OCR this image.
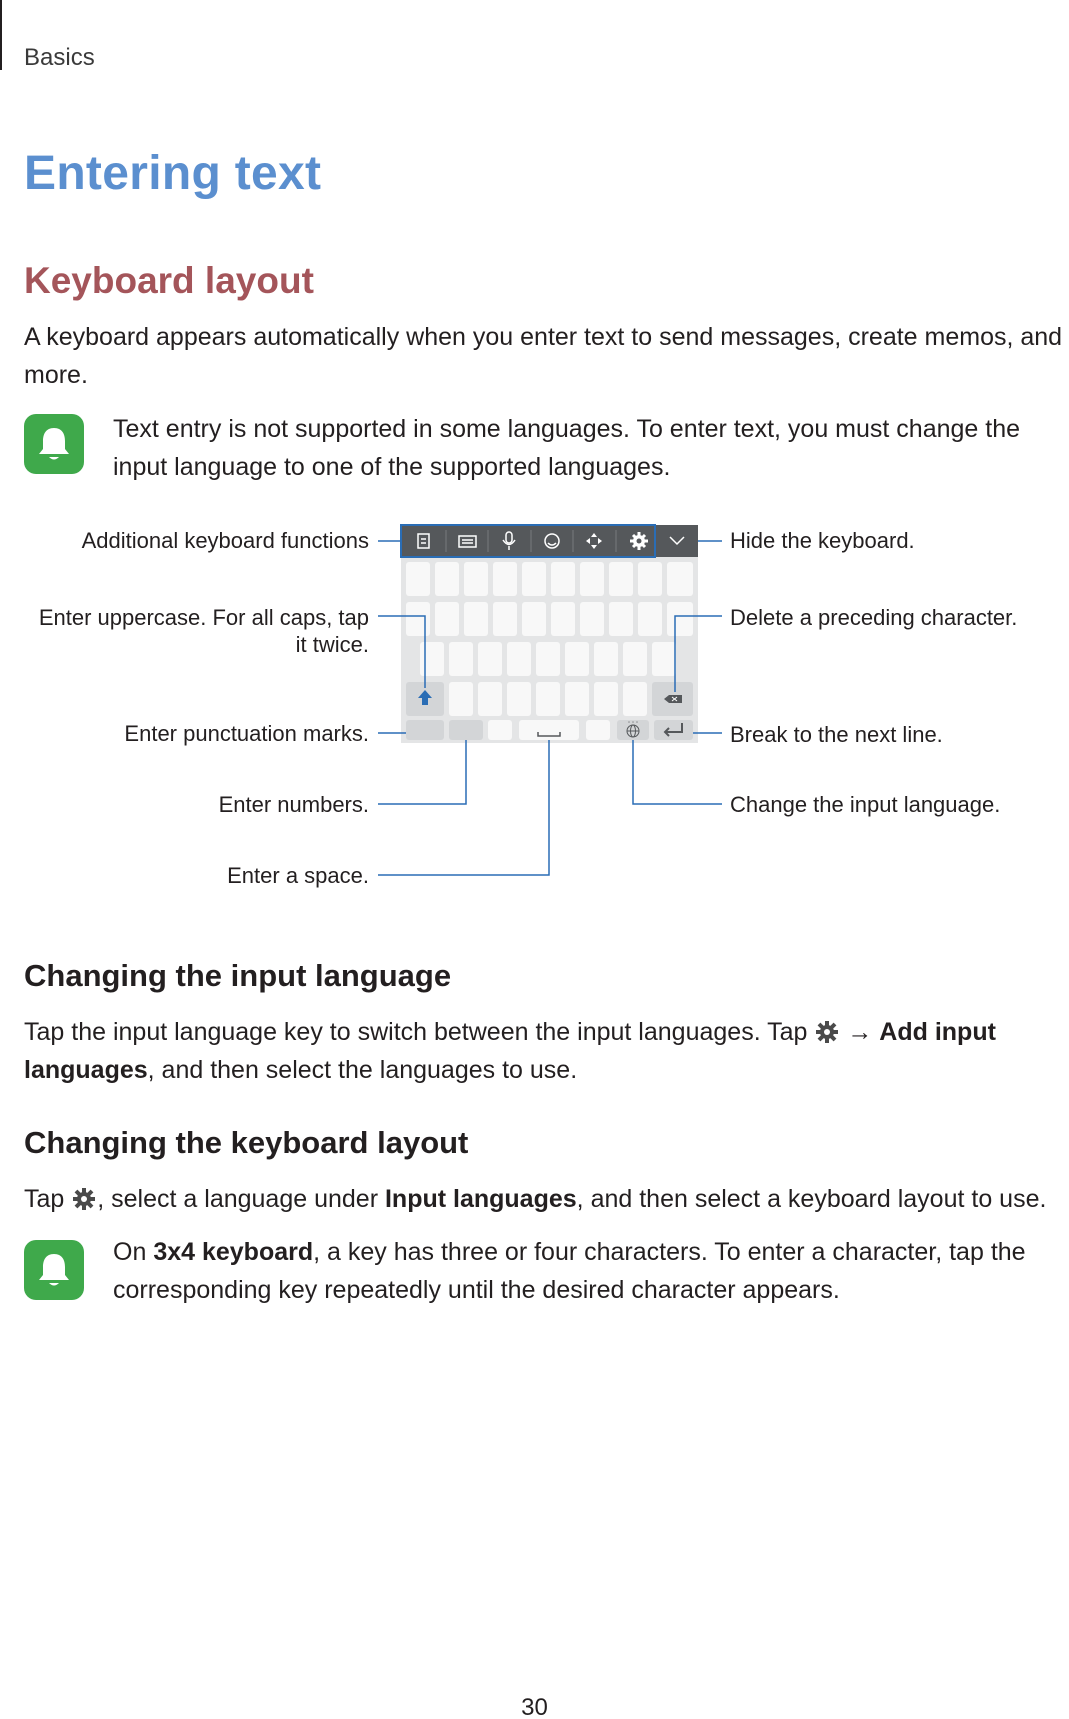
Basics
Entering text
Keyboard layout
A keyboard appears automatically when you enter text to send messages, create memos, and more.
Text entry is not supported in some languages. To enter text, you must change the
input language to one of the supported languages.
Additional keyboard functions
Enter uppercase. For all caps, tap
it twice.
Enter punctuation marks.
Enter numbers.
Enter a space.
Hide the keyboard.
Delete a preceding character.
Break to the next line.
Change the input language.
Changing the input language
Tap the input language key to switch between the input languages. Tap → Add input
languages, and then select the languages to use.
Changing the keyboard layout
Tap , select a language under Input languages, and then select a keyboard layout to use.
On 3x4 keyboard, a key has three or four characters. To enter a character, tap the
corresponding key repeatedly until the desired character appears.
30
